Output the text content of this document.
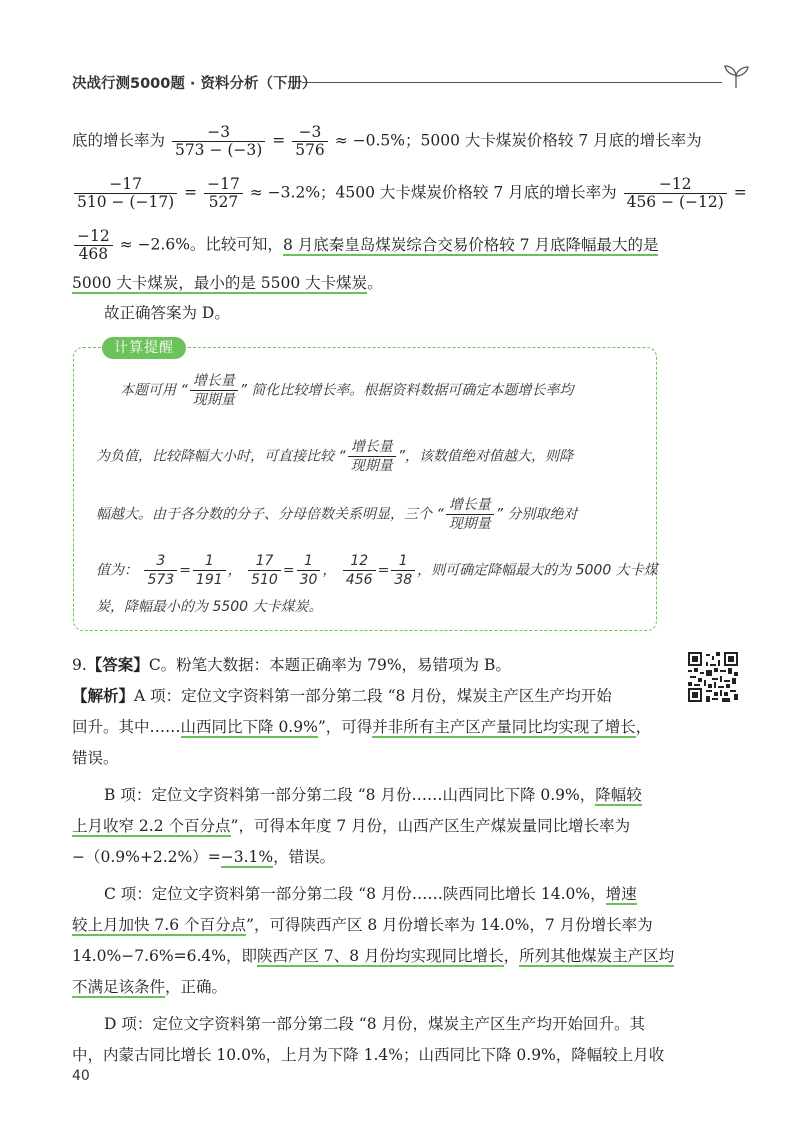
决战行测5000题 · 资料分析（下册）
底的增长率为 $\frac{-3}{573 - (-3)} = \frac{-3}{576} \approx -0.5\%$；5000 大卡煤炭价格较 7 月底的增长率为
$\frac{-17}{510 - (-17)} = \frac{-17}{527} \approx -3.2\%$；4500 大卡煤炭价格较 7 月底的增长率为 $\frac{-12}{456 - (-12)}$ =
$\frac{-12}{468} \approx -2.6\%$。比较可知，8 月底秦皇岛煤炭综合交易价格较 7 月底降幅最大的是
5000 大卡煤炭，最小的是 5500 大卡煤炭。
故正确答案为 D。
计算提醒
本题可用 “ $\frac{\text{增长量}}{\text{现期量}}$ ” 简化比较增长率。根据资料数据可确定本题增长率均
为负值，比较降幅大小时，可直接比较 “ $\frac{\text{增长量}}{\text{现期量}}$ ”，该数值绝对值越大，则降
幅越大。由于各分数的分子、分母倍数关系明显，三个 “ $\frac{\text{增长量}}{\text{现期量}}$ ” 分别取绝对
值为： $\frac{3}{573} = \frac{1}{191}$ ， $\frac{17}{510} = \frac{1}{30}$ ， $\frac{12}{456} = \frac{1}{38}$ ，则可确定降幅最大的为 5000 大卡煤
炭，降幅最小的为 5500 大卡煤炭。
9.【答案】C。粉笔大数据：本题正确率为 79%，易错项为 B。
【解析】A 项：定位文字资料第一部分第二段 “8 月份，煤炭主产区生产均开始
回升。其中……山西同比下降 0.9%”，可得并非所有主产区产量同比均实现了增长，
错误。
B 项：定位文字资料第一部分第二段 “8 月份……山西同比下降 0.9%，降幅较
上月收窄 2.2 个百分点”，可得本年度 7 月份，山西产区生产煤炭量同比增长率为
−（0.9%+2.2%）=−3.1%，错误。
C 项：定位文字资料第一部分第二段 “8 月份……陕西同比增长 14.0%，增速
较上月加快 7.6 个百分点”，可得陕西产区 8 月份增长率为 14.0%，7 月份增长率为
14.0%−7.6%=6.4%，即陕西产区 7、8 月份均实现同比增长，所列其他煤炭主产区均
不满足该条件，正确。
D 项：定位文字资料第一部分第二段 “8 月份，煤炭主产区生产均开始回升。其
中，内蒙古同比增长 10.0%，上月为下降 1.4%；山西同比下降 0.9%，降幅较上月收
40
